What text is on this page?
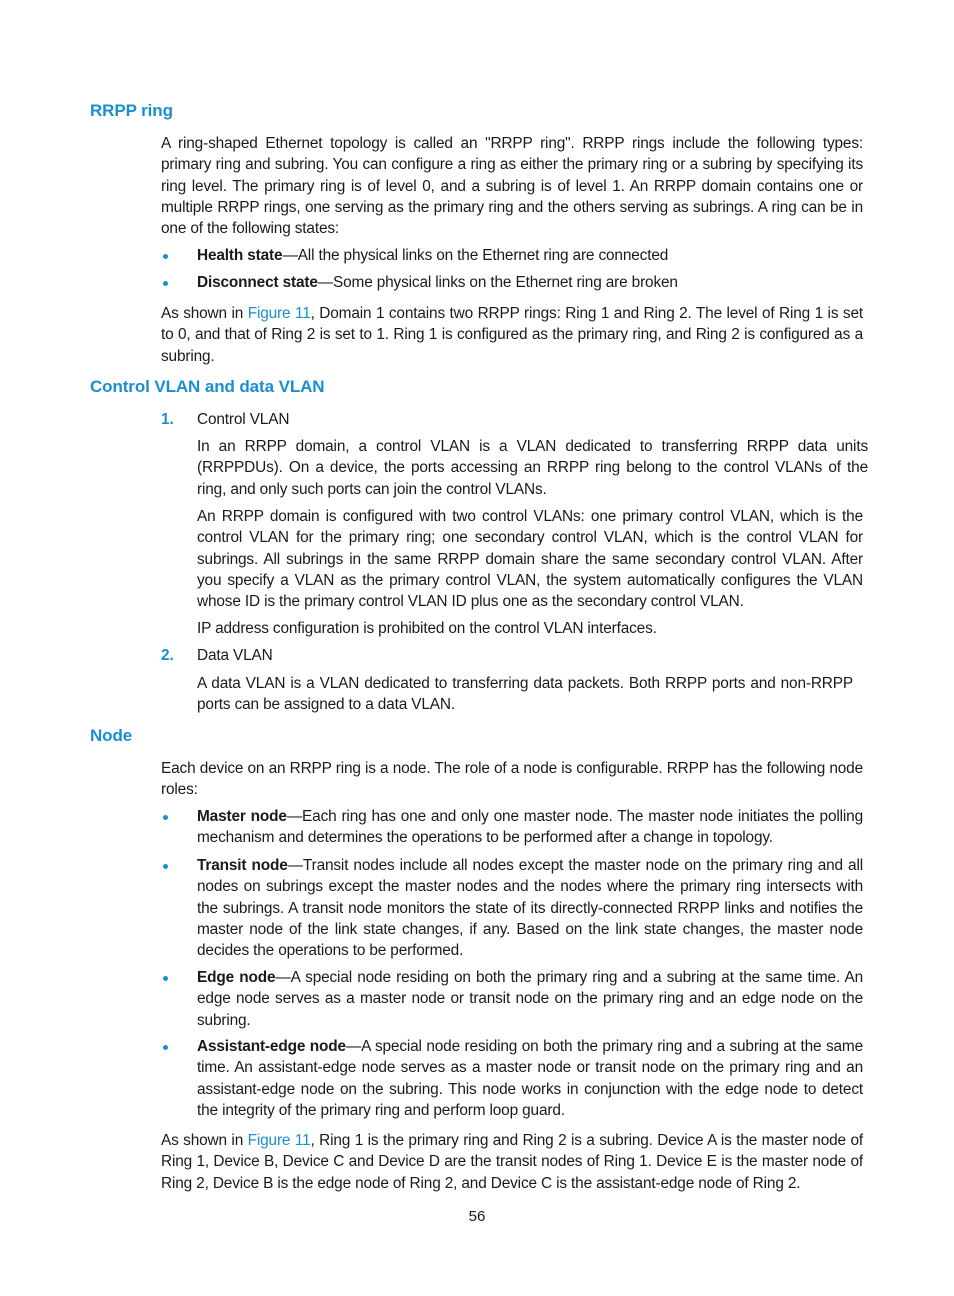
RRPP ring

A ring-shaped Ethernet topology is called an "RRPP ring". RRPP rings include the following types: primary ring and subring. You can configure a ring as either the primary ring or a subring by specifying its ring level. The primary ring is of level 0, and a subring is of level 1. An RRPP domain contains one or multiple RRPP rings, one serving as the primary ring and the others serving as subrings. A ring can be in one of the following states:

Health state—All the physical links on the Ethernet ring are connected

Disconnect state—Some physical links on the Ethernet ring are broken

As shown in Figure 11, Domain 1 contains two RRPP rings: Ring 1 and Ring 2. The level of Ring 1 is set to 0, and that of Ring 2 is set to 1. Ring 1 is configured as the primary ring, and Ring 2 is configured as a subring.

Control VLAN and data VLAN
1. Control VLAN

In an RRPP domain, a control VLAN is a VLAN dedicated to transferring RRPP data units (RRPPDUs). On a device, the ports accessing an RRPP ring belong to the control VLANs of the ring, and only such ports can join the control VLANs.

An RRPP domain is configured with two control VLANs: one primary control VLAN, which is the control VLAN for the primary ring; one secondary control VLAN, which is the control VLAN for subrings. All subrings in the same RRPP domain share the same secondary control VLAN. After you specify a VLAN as the primary control VLAN, the system automatically configures the VLAN whose ID is the primary control VLAN ID plus one as the secondary control VLAN.

IP address configuration is prohibited on the control VLAN interfaces.

2. Data VLAN

A data VLAN is a VLAN dedicated to transferring data packets. Both RRPP ports and non-RRPP ports can be assigned to a data VLAN.

Node

Each device on an RRPP ring is a node. The role of a node is configurable. RRPP has the following node roles:

Master node—Each ring has one and only one master node. The master node initiates the polling mechanism and determines the operations to be performed after a change in topology.

Transit node—Transit nodes include all nodes except the master node on the primary ring and all nodes on subrings except the master nodes and the nodes where the primary ring intersects with the subrings. A transit node monitors the state of its directly-connected RRPP links and notifies the master node of the link state changes, if any. Based on the link state changes, the master node decides the operations to be performed.

Edge node—A special node residing on both the primary ring and a subring at the same time. An edge node serves as a master node or transit node on the primary ring and an edge node on the subring.

Assistant-edge node—A special node residing on both the primary ring and a subring at the same time. An assistant-edge node serves as a master node or transit node on the primary ring and an assistant-edge node on the subring. This node works in conjunction with the edge node to detect the integrity of the primary ring and perform loop guard.

As shown in Figure 11, Ring 1 is the primary ring and Ring 2 is a subring. Device A is the master node of Ring 1, Device B, Device C and Device D are the transit nodes of Ring 1. Device E is the master node of Ring 2, Device B is the edge node of Ring 2, and Device C is the assistant-edge node of Ring 2.

56
